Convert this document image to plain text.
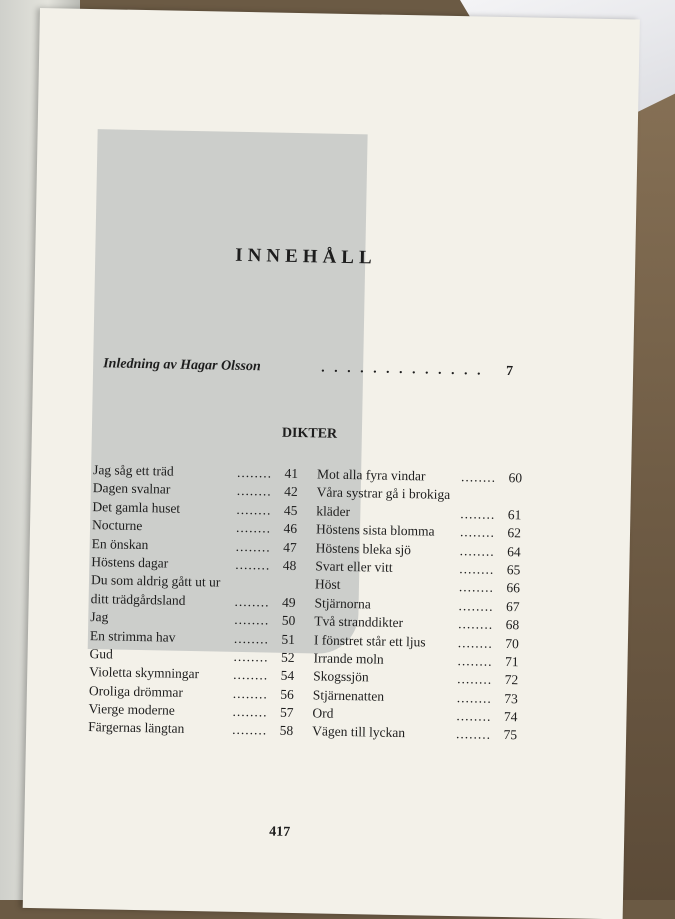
INNEHÅLL
Inledning av Hagar Olsson	. . . . . . . . . . . . . 7
DIKTER
Jag såg ett träd	........ 41
Dagen svalnar	........ 42
Det gamla huset	........ 45
Nocturne	........ 46
En önskan	........ 47
Höstens dagar	........ 48
Du som aldrig gått ut ur
ditt trädgårdsland	........ 49
Jag	........ 50
En strimma hav	........ 51
Gud	........ 52
Violetta skymningar	........ 54
Oroliga drömmar	........ 56
Vierge moderne	........ 57
Färgernas längtan	........ 58
Mot alla fyra vindar	........ 60
Våra systrar gå i brokiga
kläder	........ 61
Höstens sista blomma ........ 62
Höstens bleka sjö	........ 64
Svart eller vitt	........ 65
Höst	........ 66
Stjärnorna	........ 67
Två stranddikter	........ 68
I fönstret står ett ljus ........ 70
Irrande moln	........ 71
Skogssjön	........ 72
Stjärnenatten	........ 73
Ord	........ 74
Vägen till lyckan	........ 75
417
